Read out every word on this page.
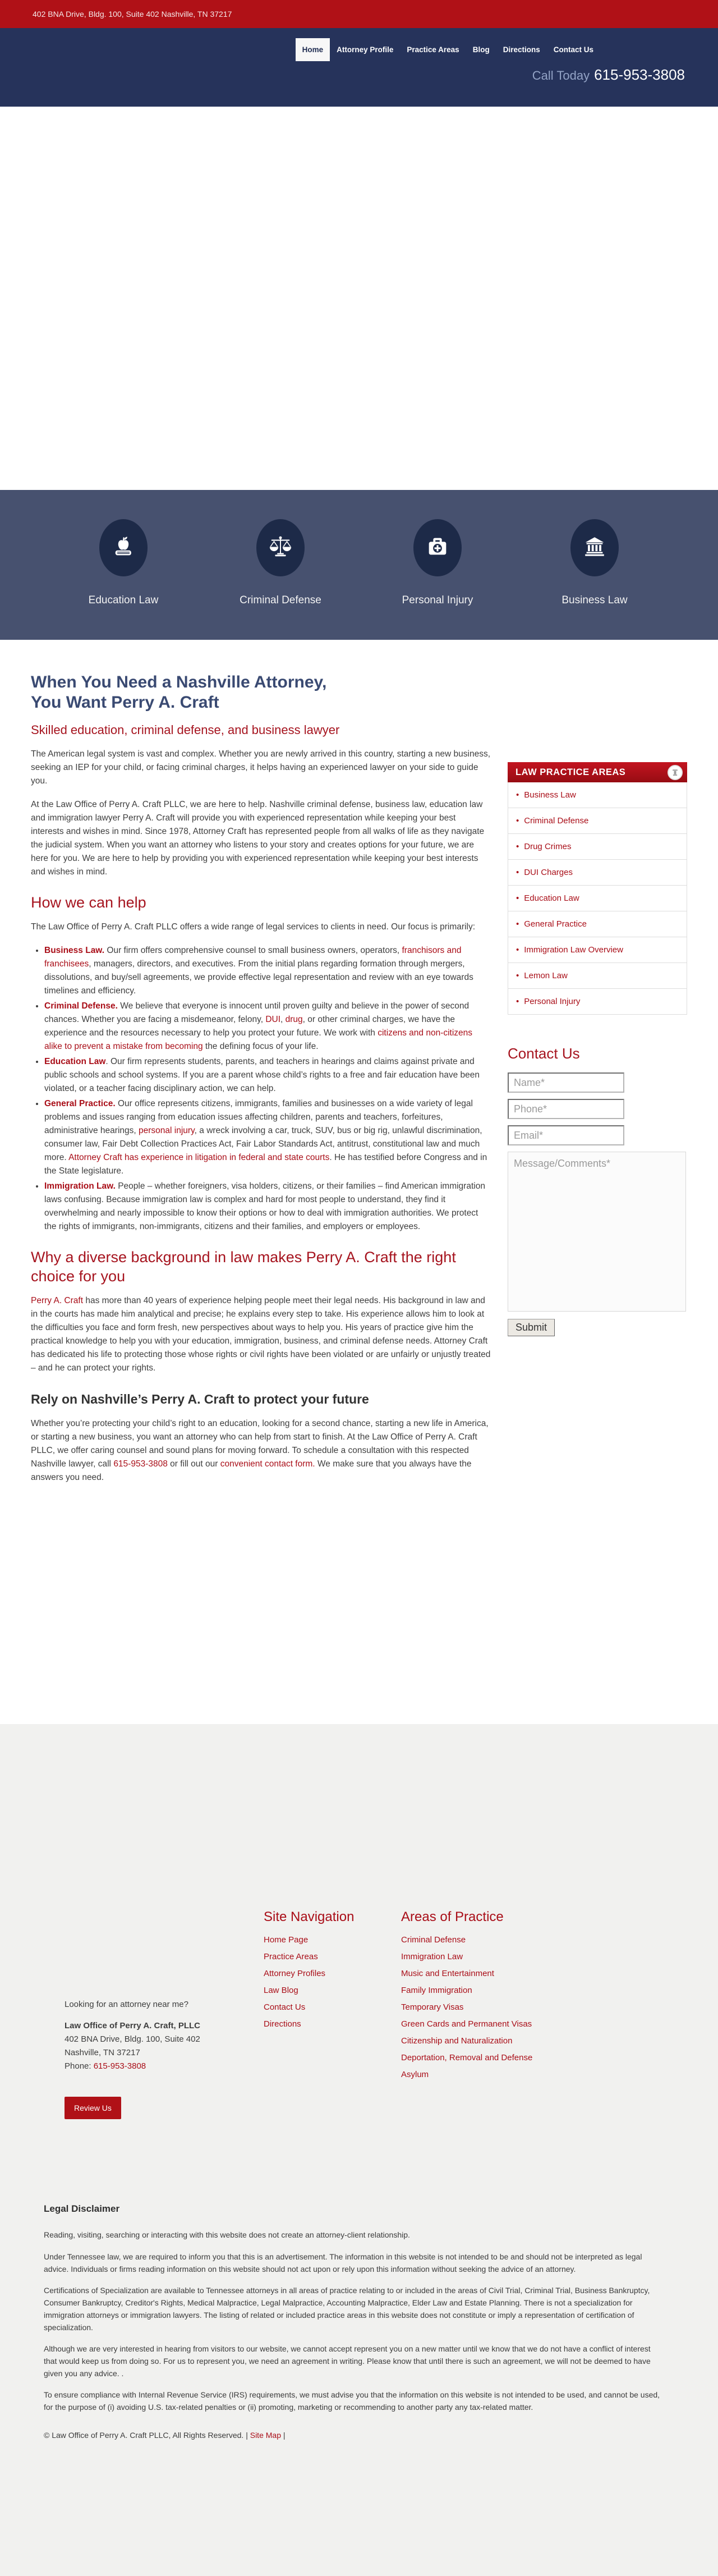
402 BNA Drive, Bldg. 100, Suite 402 Nashville, TN 37217
Home	Attorney Profile	Practice Areas	Blog	Directions	Contact Us
Call Today 615-953-3808
Education Law	Criminal Defense	Personal Injury	Business Law
When You Need a Nashville Attorney,
You Want Perry A. Craft
Skilled education, criminal defense, and business lawyer

The American legal system is vast and complex. Whether you are newly arrived in this country, starting a new business, seeking an IEP for your child, or facing criminal charges, it helps having an experienced lawyer on your side to guide you.

At the Law Office of Perry A. Craft PLLC, we are here to help. Nashville criminal defense, business law, education law and immigration lawyer Perry A. Craft will provide you with experienced representation while keeping your best interests and wishes in mind. Since 1978, Attorney Craft has represented people from all walks of life as they navigate the judicial system. When you want an attorney who listens to your story and creates options for your future, we are here for you. We are here to help by providing you with experienced representation while keeping your best interests and wishes in mind.

How we can help

The Law Office of Perry A. Craft PLLC offers a wide range of legal services to clients in need. Our focus is primarily:

• Business Law. Our firm offers comprehensive counsel to small business owners, operators, franchisors and franchisees, managers, directors, and executives. From the initial plans regarding formation through mergers, dissolutions, and buy/sell agreements, we provide effective legal representation and review with an eye towards timelines and efficiency.
• Criminal Defense. We believe that everyone is innocent until proven guilty and believe in the power of second chances. Whether you are facing a misdemeanor, felony, DUI, drug, or other criminal charges, we have the experience and the resources necessary to help you protect your future. We work with citizens and non-citizens alike to prevent a mistake from becoming the defining focus of your life.
• Education Law. Our firm represents students, parents, and teachers in hearings and claims against private and public schools and school systems. If you are a parent whose child’s rights to a free and fair education have been violated, or a teacher facing disciplinary action, we can help.
• General Practice. Our office represents citizens, immigrants, families and businesses on a wide variety of legal problems and issues ranging from education issues affecting children, parents and teachers, forfeitures, administrative hearings, personal injury, a wreck involving a car, truck, SUV, bus or big rig, unlawful discrimination, consumer law, Fair Debt Collection Practices Act, Fair Labor Standards Act, antitrust, constitutional law and much more. Attorney Craft has experience in litigation in federal and state courts. He has testified before Congress and in the State legislature.
• Immigration Law. People – whether foreigners, visa holders, citizens, or their families – find American immigration laws confusing. Because immigration law is complex and hard for most people to understand, they find it overwhelming and nearly impossible to know their options or how to deal with immigration authorities. We protect the rights of immigrants, non-immigrants, citizens and their families, and employers or employees.
Why a diverse background in law makes Perry A. Craft the right choice for you

Perry A. Craft has more than 40 years of experience helping people meet their legal needs. His background in law and in the courts has made him analytical and precise; he explains every step to take. His experience allows him to look at the difficulties you face and form fresh, new perspectives about ways to help you. His years of practice give him the practical knowledge to help you with your education, immigration, business, and criminal defense needs. Attorney Craft has dedicated his life to protecting those whose rights or civil rights have been violated or are unfairly or unjustly treated – and he can protect your rights.

Rely on Nashville’s Perry A. Craft to protect your future

Whether you’re protecting your child’s right to an education, looking for a second chance, starting a new life in America, or starting a new business, you want an attorney who can help from start to finish. At the Law Office of Perry A. Craft PLLC, we offer caring counsel and sound plans for moving forward. To schedule a consultation with this respected Nashville lawyer, call 615-953-3808 or fill out our convenient contact form. We make sure that you always have the answers you need.

LAW PRACTICE AREAS
• Business Law
• Criminal Defense
• Drug Crimes
• DUI Charges
• Education Law
• General Practice
• Immigration Law Overview
• Lemon Law
• Personal Injury
Contact Us
Name*
Phone*
Email*
Message/Comments* Submit

Looking for an attorney near me?

Law Office of Perry A. Craft, PLLC

402 BNA Drive, Bldg. 100, Suite 402

Nashville, TN 37217

Phone: 615-953-3808

Review Us
Site Navigation
Home Page
Practice Areas
Attorney Profiles
Law Blog
Contact Us
Directions
Areas of Practice
Criminal Defense
Immigration Law
Music and Entertainment
Family Immigration
Temporary Visas
Green Cards and Permanent Visas
Citizenship and Naturalization
Deportation, Removal and Defense
Asylum
Legal Disclaimer

Reading, visiting, searching or interacting with this website does not create an attorney-client relationship.

Under Tennessee law, we are required to inform you that this is an advertisement. The information in this website is not intended to be and should not be interpreted as legal advice. Individuals or firms reading information on this website should not act upon or rely upon this information without seeking the advice of an attorney.

Certifications of Specialization are available to Tennessee attorneys in all areas of practice relating to or included in the areas of Civil Trial, Criminal Trial, Business Bankruptcy, Consumer Bankruptcy, Creditor's Rights, Medical Malpractice, Legal Malpractice, Accounting Malpractice, Elder Law and Estate Planning. There is not a specialization for immigration attorneys or immigration lawyers. The listing of related or included practice areas in this website does not constitute or imply a representation of certification of specialization.

Although we are very interested in hearing from visitors to our website, we cannot accept represent you on a new matter until we know that we do not have a conflict of interest that would keep us from doing so. For us to represent you, we need an agreement in writing. Please know that until there is such an agreement, we will not be deemed to have given you any advice. .

To ensure compliance with Internal Revenue Service (IRS) requirements, we must advise you that the information on this website is not intended to be used, and cannot be used, for the purpose of (i) avoiding U.S. tax-related penalties or (ii) promoting, marketing or recommending to another party any tax-related matter.

© Law Office of Perry A. Craft PLLC, All Rights Reserved. | Site Map |
